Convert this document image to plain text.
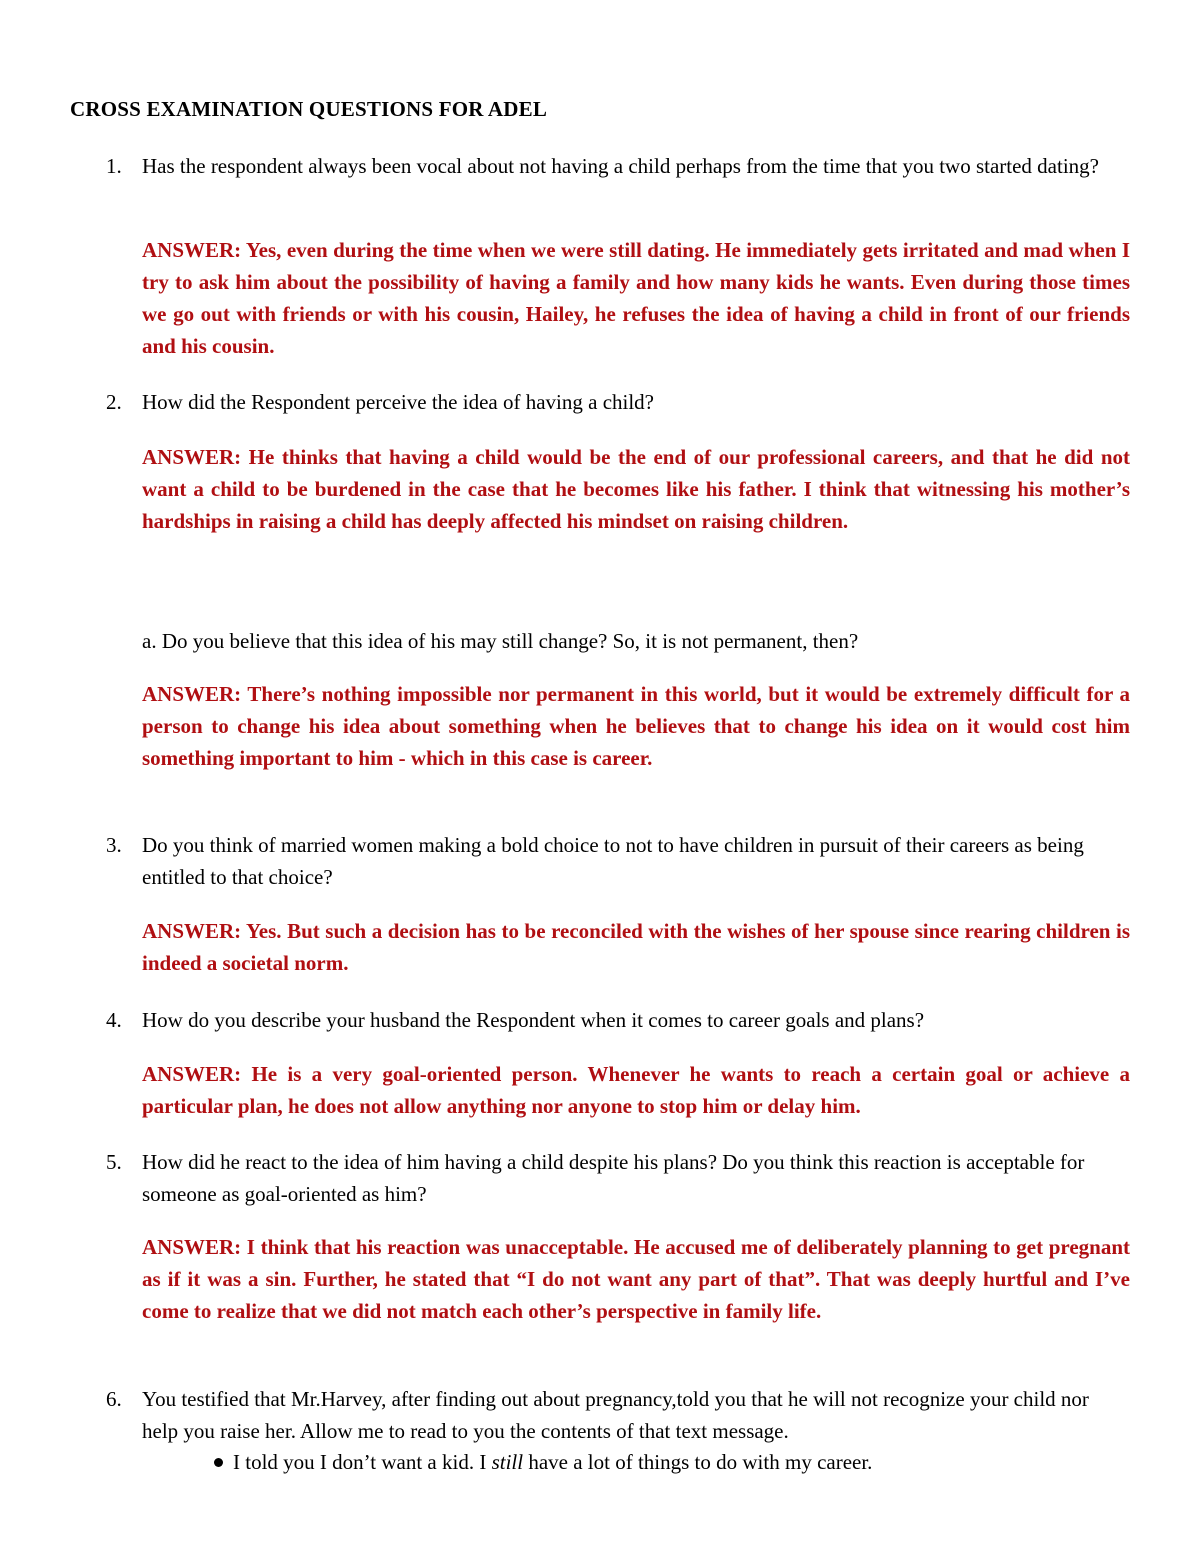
CROSS EXAMINATION QUESTIONS FOR ADEL
1. Has the respondent always been vocal about not having a child perhaps from the time that you two started dating?
ANSWER: Yes, even during the time when we were still dating. He immediately gets irritated and mad when I try to ask him about the possibility of having a family and how many kids he wants. Even during those times we go out with friends or with his cousin, Hailey, he refuses the idea of having a child in front of our friends and his cousin.
2. How did the Respondent perceive the idea of having a child?
ANSWER: He thinks that having a child would be the end of our professional careers, and that he did not want a child to be burdened in the case that he becomes like his father. I think that witnessing his mother’s hardships in raising a child has deeply affected his mindset on raising children.
a. Do you believe that this idea of his may still change? So, it is not permanent, then?
ANSWER: There’s nothing impossible nor permanent in this world, but it would be extremely difficult for a person to change his idea about something when he believes that to change his idea on it would cost him something important to him - which in this case is career.
3. Do you think of married women making a bold choice to not to have children in pursuit of their careers as being entitled to that choice?
ANSWER: Yes. But such a decision has to be reconciled with the wishes of her spouse since rearing children is indeed a societal norm.
4. How do you describe your husband the Respondent when it comes to career goals and plans?
ANSWER: He is a very goal-oriented person. Whenever he wants to reach a certain goal or achieve a particular plan, he does not allow anything nor anyone to stop him or delay him.
5. How did he react to the idea of him having a child despite his plans? Do you think this reaction is acceptable for someone as goal-oriented as him?
ANSWER: I think that his reaction was unacceptable. He accused me of deliberately planning to get pregnant as if it was a sin. Further, he stated that “I do not want any part of that”. That was deeply hurtful and I’ve come to realize that we did not match each other’s perspective in family life.
6. You testified that Mr.Harvey, after finding out about pregnancy,told you that he will not recognize your child nor help you raise her. Allow me to read to you the contents of that text message.
I told you I don’t want a kid. I still have a lot of things to do with my career.
